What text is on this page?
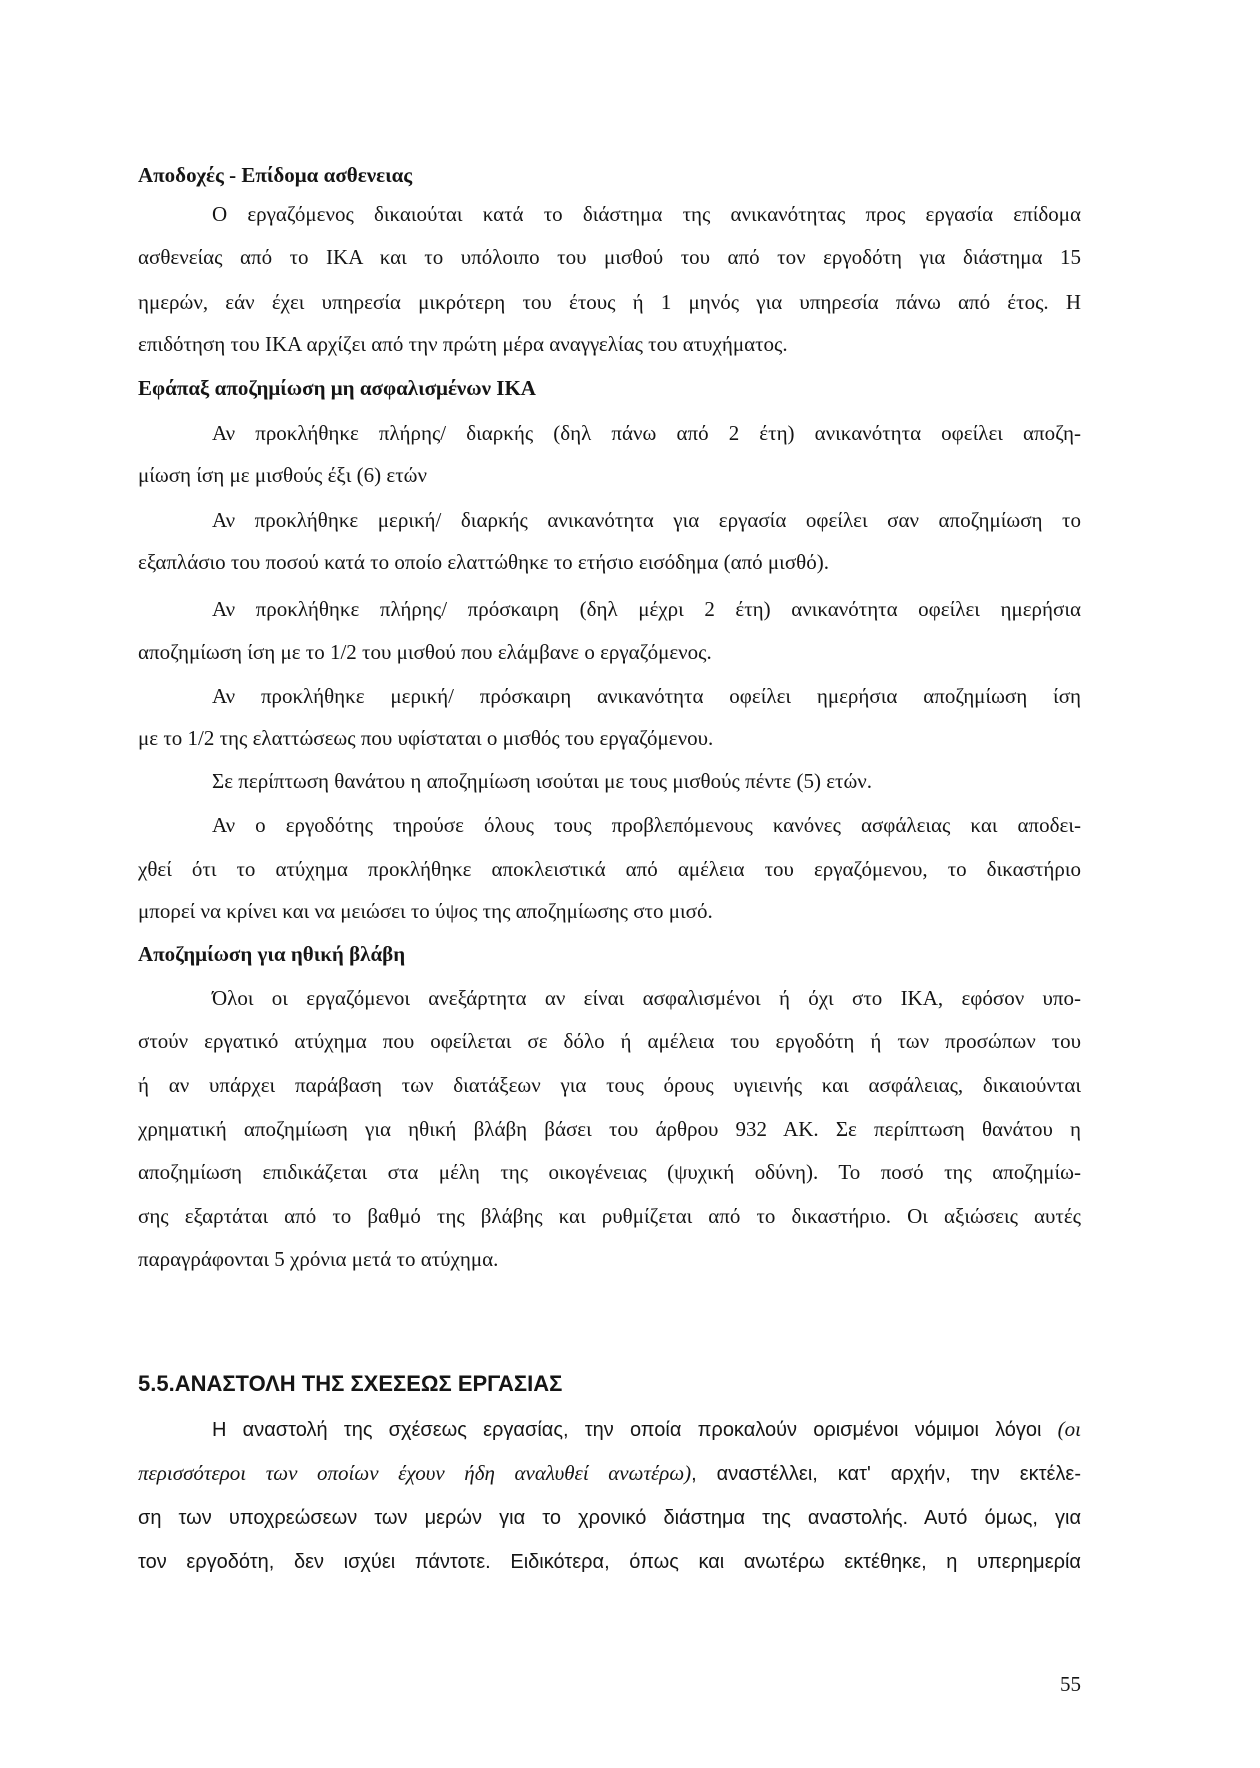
Αποδοχές - Επίδομα ασθενειας
Ο εργαζόμενος δικαιούται κατά το διάστημα της ανικανότητας προς εργασία επίδομα
ασθενείας από το ΙΚΑ και το υπόλοιπο του μισθού του από τον εργοδότη για διάστημα 15
ημερών, εάν έχει υπηρεσία μικρότερη του έτους ή 1 μηνός για υπηρεσία πάνω από έτος. Η
επιδότηση του ΙΚΑ αρχίζει από την πρώτη μέρα αναγγελίας του ατυχήματος.
Εφάπαξ αποζημίωση μη ασφαλισμένων ΙΚΑ
Αν προκλήθηκε πλήρης/ διαρκής (δηλ πάνω από 2 έτη) ανικανότητα οφείλει αποζη-
μίωση ίση με μισθούς έξι (6) ετών
Αν προκλήθηκε μερική/ διαρκής ανικανότητα για εργασία οφείλει σαν αποζημίωση το
εξαπλάσιο του ποσού κατά το οποίο ελαττώθηκε το ετήσιο εισόδημα (από μισθό).
Αν προκλήθηκε πλήρης/ πρόσκαιρη (δηλ μέχρι 2 έτη) ανικανότητα οφείλει ημερήσια
αποζημίωση ίση με το 1/2 του μισθού που ελάμβανε ο εργαζόμενος.
Αν προκλήθηκε μερική/ πρόσκαιρη ανικανότητα οφείλει ημερήσια αποζημίωση ίση
με το 1/2 της ελαττώσεως που υφίσταται ο μισθός του εργαζόμενου.
Σε περίπτωση θανάτου η αποζημίωση ισούται με τους μισθούς πέντε (5) ετών.
Αν ο εργοδότης τηρούσε όλους τους προβλεπόμενους κανόνες ασφάλειας και αποδει-
χθεί ότι το ατύχημα προκλήθηκε αποκλειστικά από αμέλεια του εργαζόμενου, το δικαστήριο
μπορεί να κρίνει και να μειώσει το ύψος της αποζημίωσης στο μισό.
Αποζημίωση για ηθική βλάβη
Όλοι οι εργαζόμενοι ανεξάρτητα αν είναι ασφαλισμένοι ή όχι στο ΙΚΑ, εφόσον υπο-
στούν εργατικό ατύχημα που οφείλεται σε δόλο ή αμέλεια του εργοδότη ή των προσώπων του
ή αν υπάρχει παράβαση των διατάξεων για τους όρους υγιεινής και ασφάλειας, δικαιούνται
χρηματική αποζημίωση για ηθική βλάβη βάσει του άρθρου 932 ΑΚ. Σε περίπτωση θανάτου η
αποζημίωση επιδικάζεται στα μέλη της οικογένειας (ψυχική οδύνη). Το ποσό της αποζημίω-
σης εξαρτάται από το βαθμό της βλάβης και ρυθμίζεται από το δικαστήριο. Οι αξιώσεις αυτές
παραγράφονται 5 χρόνια μετά το ατύχημα.
5.5.ΑΝΑΣΤΟΛΗ ΤΗΣ ΣΧΕΣΕΩΣ ΕΡΓΑΣΙΑΣ
Η αναστολή της σχέσεως εργασίας, την οποία προκαλούν ορισμένοι νόμιμοι λόγοι (οι
περισσότεροι των οποίων έχουν ήδη αναλυθεί ανωτέρω), αναστέλλει, κατ' αρχήν, την εκτέλε-
ση των υποχρεώσεων των μερών για το χρονικό διάστημα της αναστολής. Αυτό όμως, για
τον εργοδότη, δεν ισχύει πάντοτε. Ειδικότερα, όπως και ανωτέρω εκτέθηκε, η υπερημερία
55
